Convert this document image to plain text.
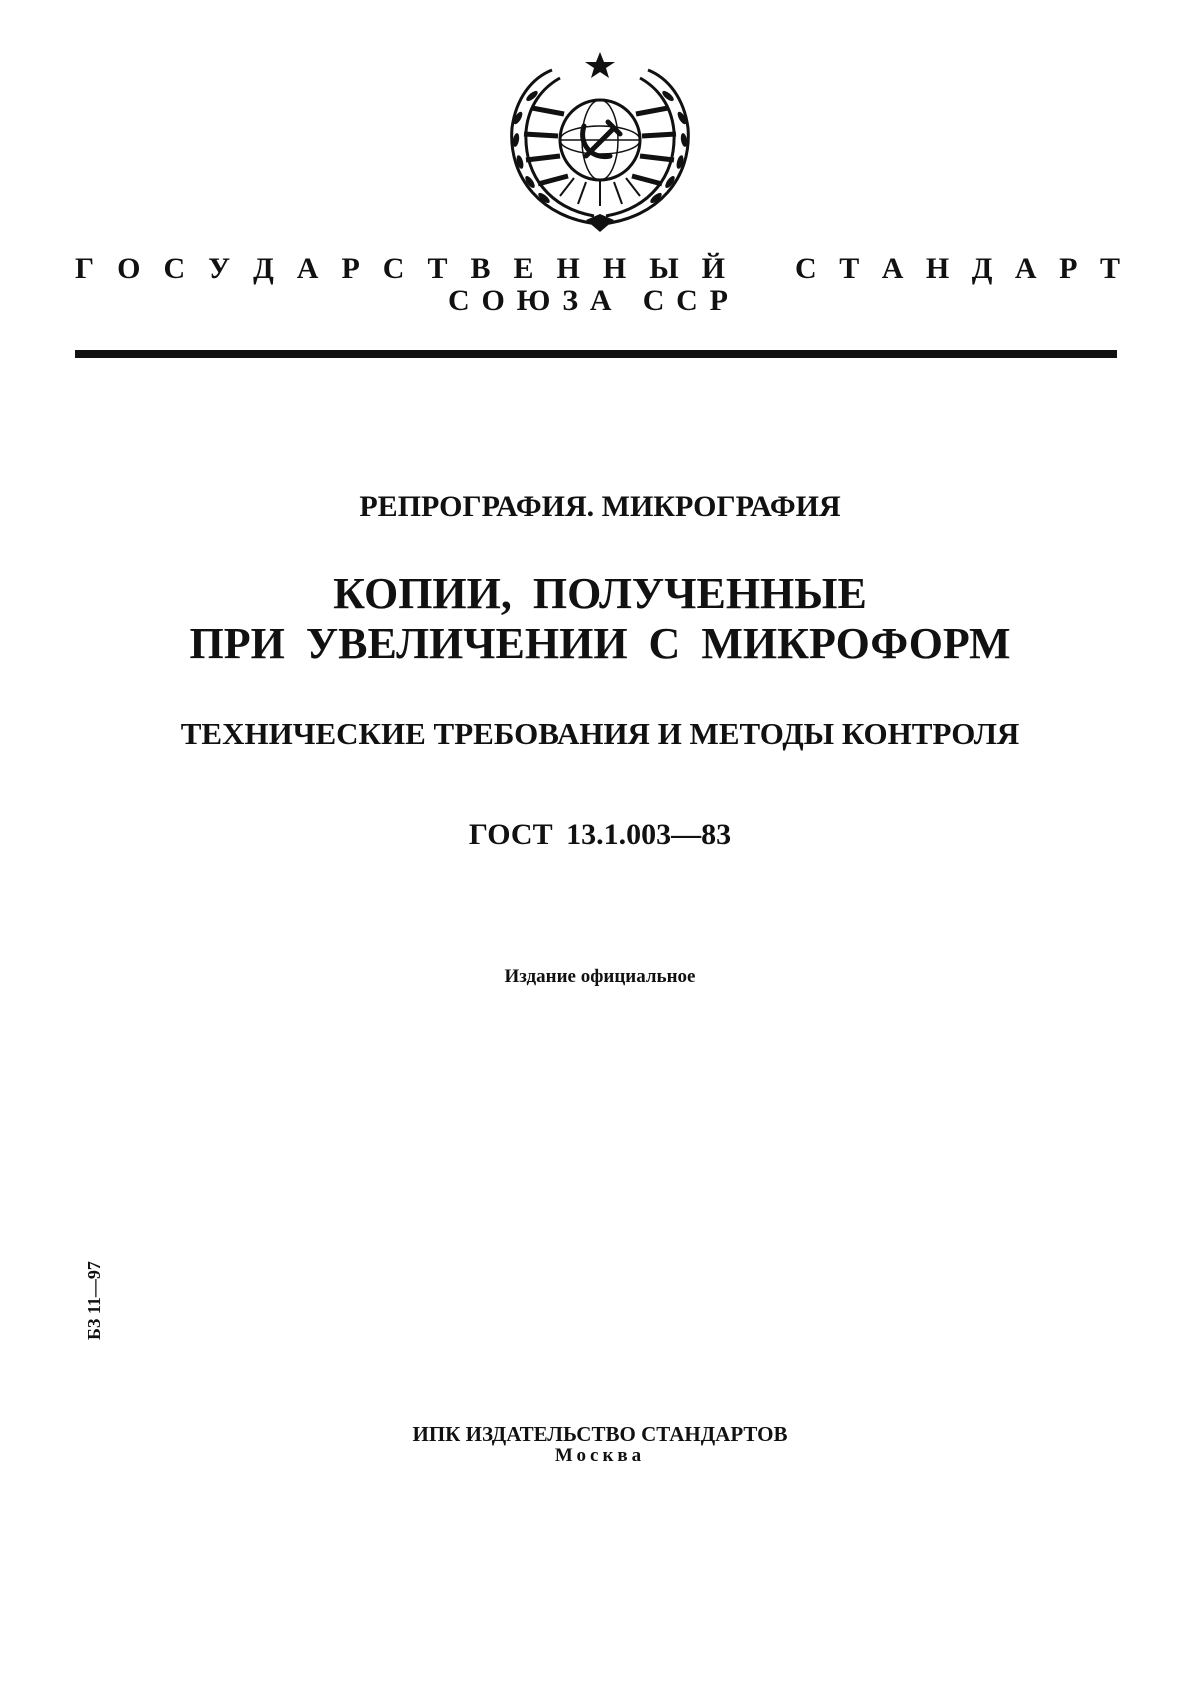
Г О С У Д А Р С Т В Е Н Н Ы Й С Т А Н Д А Р Т
С О Ю З А
С С Р
РЕПРОГРАФИЯ. МИКРОГРАФИЯ
КОПИИ, ПОЛУЧЕННЫЕ
ПРИ УВЕЛИЧЕНИИ С МИКРОФОРМ
ТЕХНИЧЕСКИЕ ТРЕБОВАНИЯ И МЕТОДЫ КОНТРОЛЯ
ГОСТ 13.1.003—83
Издание официальное
БЗ 11—97
ИПК ИЗДАТЕЛЬСТВО СТАНДАРТОВ
Москва
